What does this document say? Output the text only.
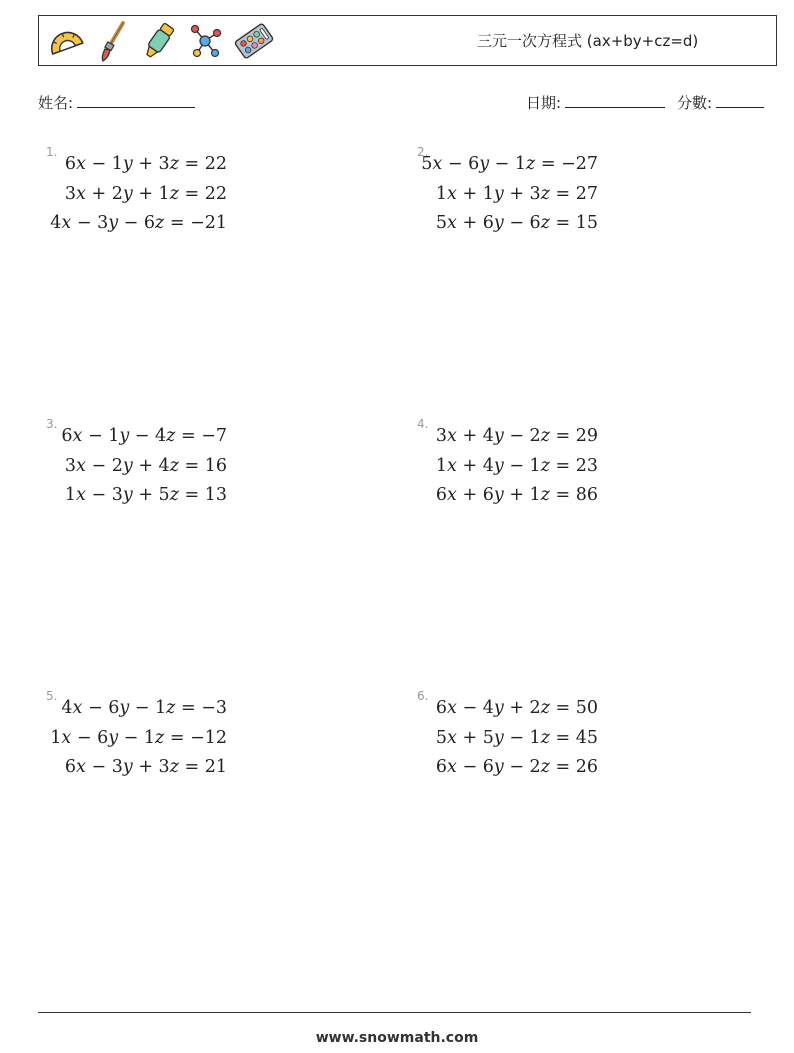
三元一次方程式 (ax+by+cz=d)
姓名:	日期:	分數:
1.
6x − 1y + 3z = 22
3x + 2y + 1z = 22
4x − 3y − 6z = −21
2.
5x − 6y − 1z = −27
1x + 1y + 3z = 27
5x + 6y − 6z = 15
3.
6x − 1y − 4z = −7
3x − 2y + 4z = 16
1x − 3y + 5z = 13
4.
3x + 4y − 2z = 29
1x + 4y − 1z = 23
6x + 6y + 1z = 86
5.
4x − 6y − 1z = −3
1x − 6y − 1z = −12
6x − 3y + 3z = 21
6.
6x − 4y + 2z = 50
5x + 5y − 1z = 45
6x − 6y − 2z = 26
www.snowmath.com
